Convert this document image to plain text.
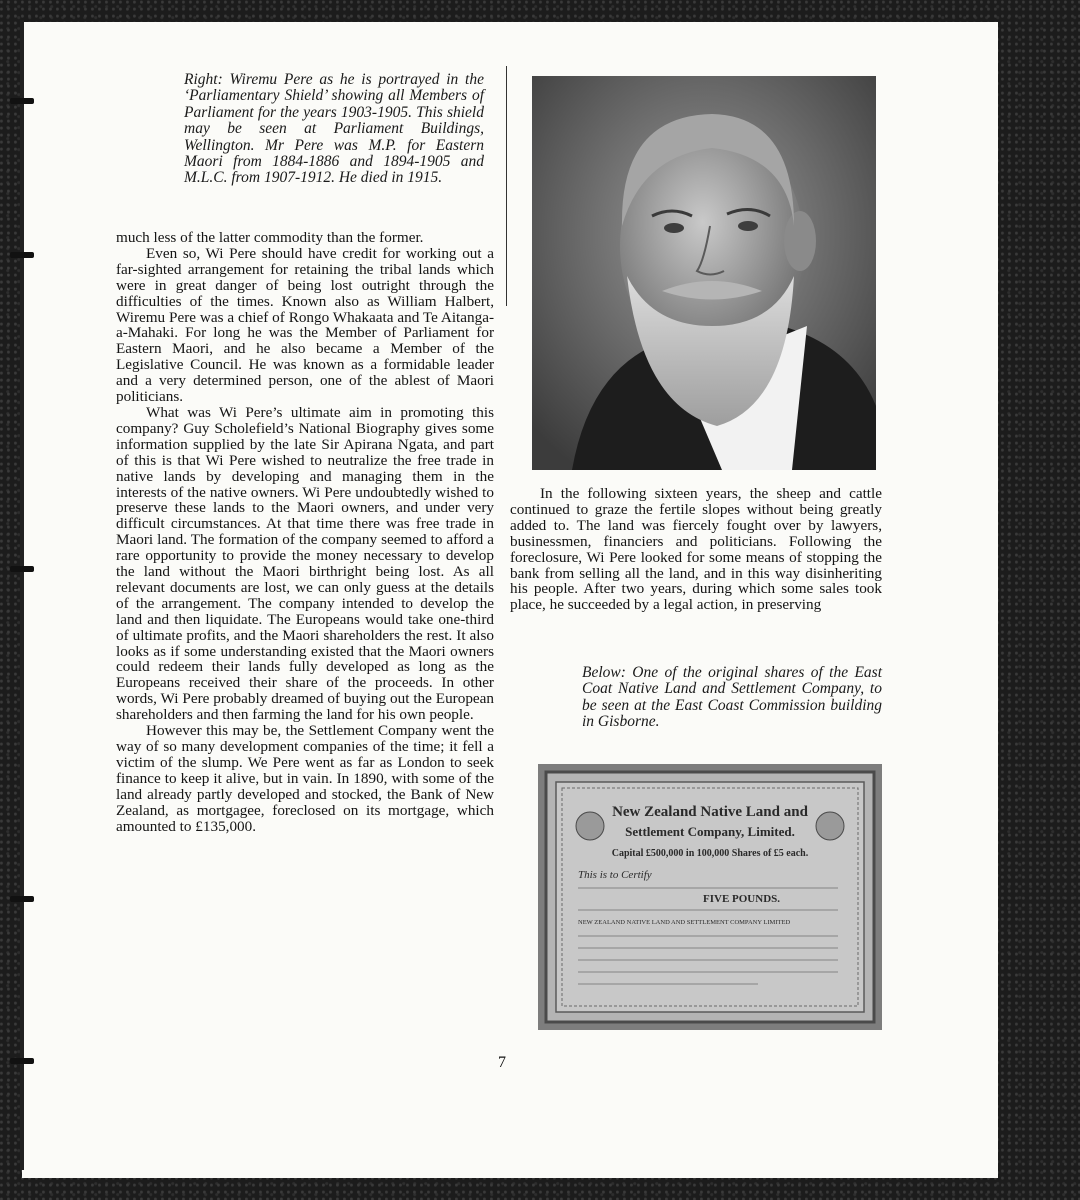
Right: Wiremu Pere as he is portrayed in the ‘Parliamentary Shield’ showing all Members of Parliament for the years 1903-1905. This shield may be seen at Parliament Buildings, Wellington. Mr Pere was M.P. for Eastern Maori from 1884-1886 and 1894-1905 and M.L.C. from 1907-1912. He died in 1915.

much less of the latter commodity than the former.

Even so, Wi Pere should have credit for working out a far-sighted arrangement for retaining the tribal lands which were in great danger of being lost outright through the difficulties of the times. Known also as William Halbert, Wiremu Pere was a chief of Rongo Whakaata and Te Aitanga-a-Mahaki. For long he was the Member of Parliament for Eastern Maori, and he also became a Member of the Legislative Council. He was known as a formidable leader and a very determined person, one of the ablest of Maori politicians.

What was Wi Pere’s ultimate aim in promoting this company? Guy Scholefield’s National Biography gives some information supplied by the late Sir Apirana Ngata, and part of this is that Wi Pere wished to neutralize the free trade in native lands by developing and managing them in the interests of the native owners. Wi Pere undoubtedly wished to preserve these lands to the Maori owners, and under very difficult circumstances. At that time there was free trade in Maori land. The formation of the company seemed to afford a rare opportunity to provide the money necessary to develop the land without the Maori birthright being lost. As all relevant documents are lost, we can only guess at the details of the arrangement. The company intended to develop the land and then liquidate. The Europeans would take one-third of ultimate profits, and the Maori shareholders the rest. It also looks as if some understanding existed that the Maori owners could redeem their lands fully developed as long as the Europeans received their share of the proceeds. In other words, Wi Pere probably dreamed of buying out the European shareholders and then farming the land for his own people.

However this may be, the Settlement Company went the way of so many development companies of the time; it fell a victim of the slump. We Pere went as far as London to seek finance to keep it alive, but in vain. In 1890, with some of the land already partly developed and stocked, the Bank of New Zealand, as mortgagee, foreclosed on its mortgage, which amounted to £135,000.

In the following sixteen years, the sheep and cattle continued to graze the fertile slopes without being greatly added to. The land was fiercely fought over by lawyers, businessmen, financiers and politicians. Following the foreclosure, Wi Pere looked for some means of stopping the bank from selling all the land, and in this way disinheriting his people. After two years, during which some sales took place, he succeeded by a legal action, in preserving

Below: One of the original shares of the East Coat Native Land and Settlement Company, to be seen at the East Coast Commission building in Gisborne.

New Zealand Native Land and
Settlement Company, Limited.
Capital £500,000 in 100,000 Shares of £5 each.
This is to Certify
FIVE POUNDS.
NEW ZEALAND NATIVE LAND AND SETTLEMENT COMPANY LIMITED
7
